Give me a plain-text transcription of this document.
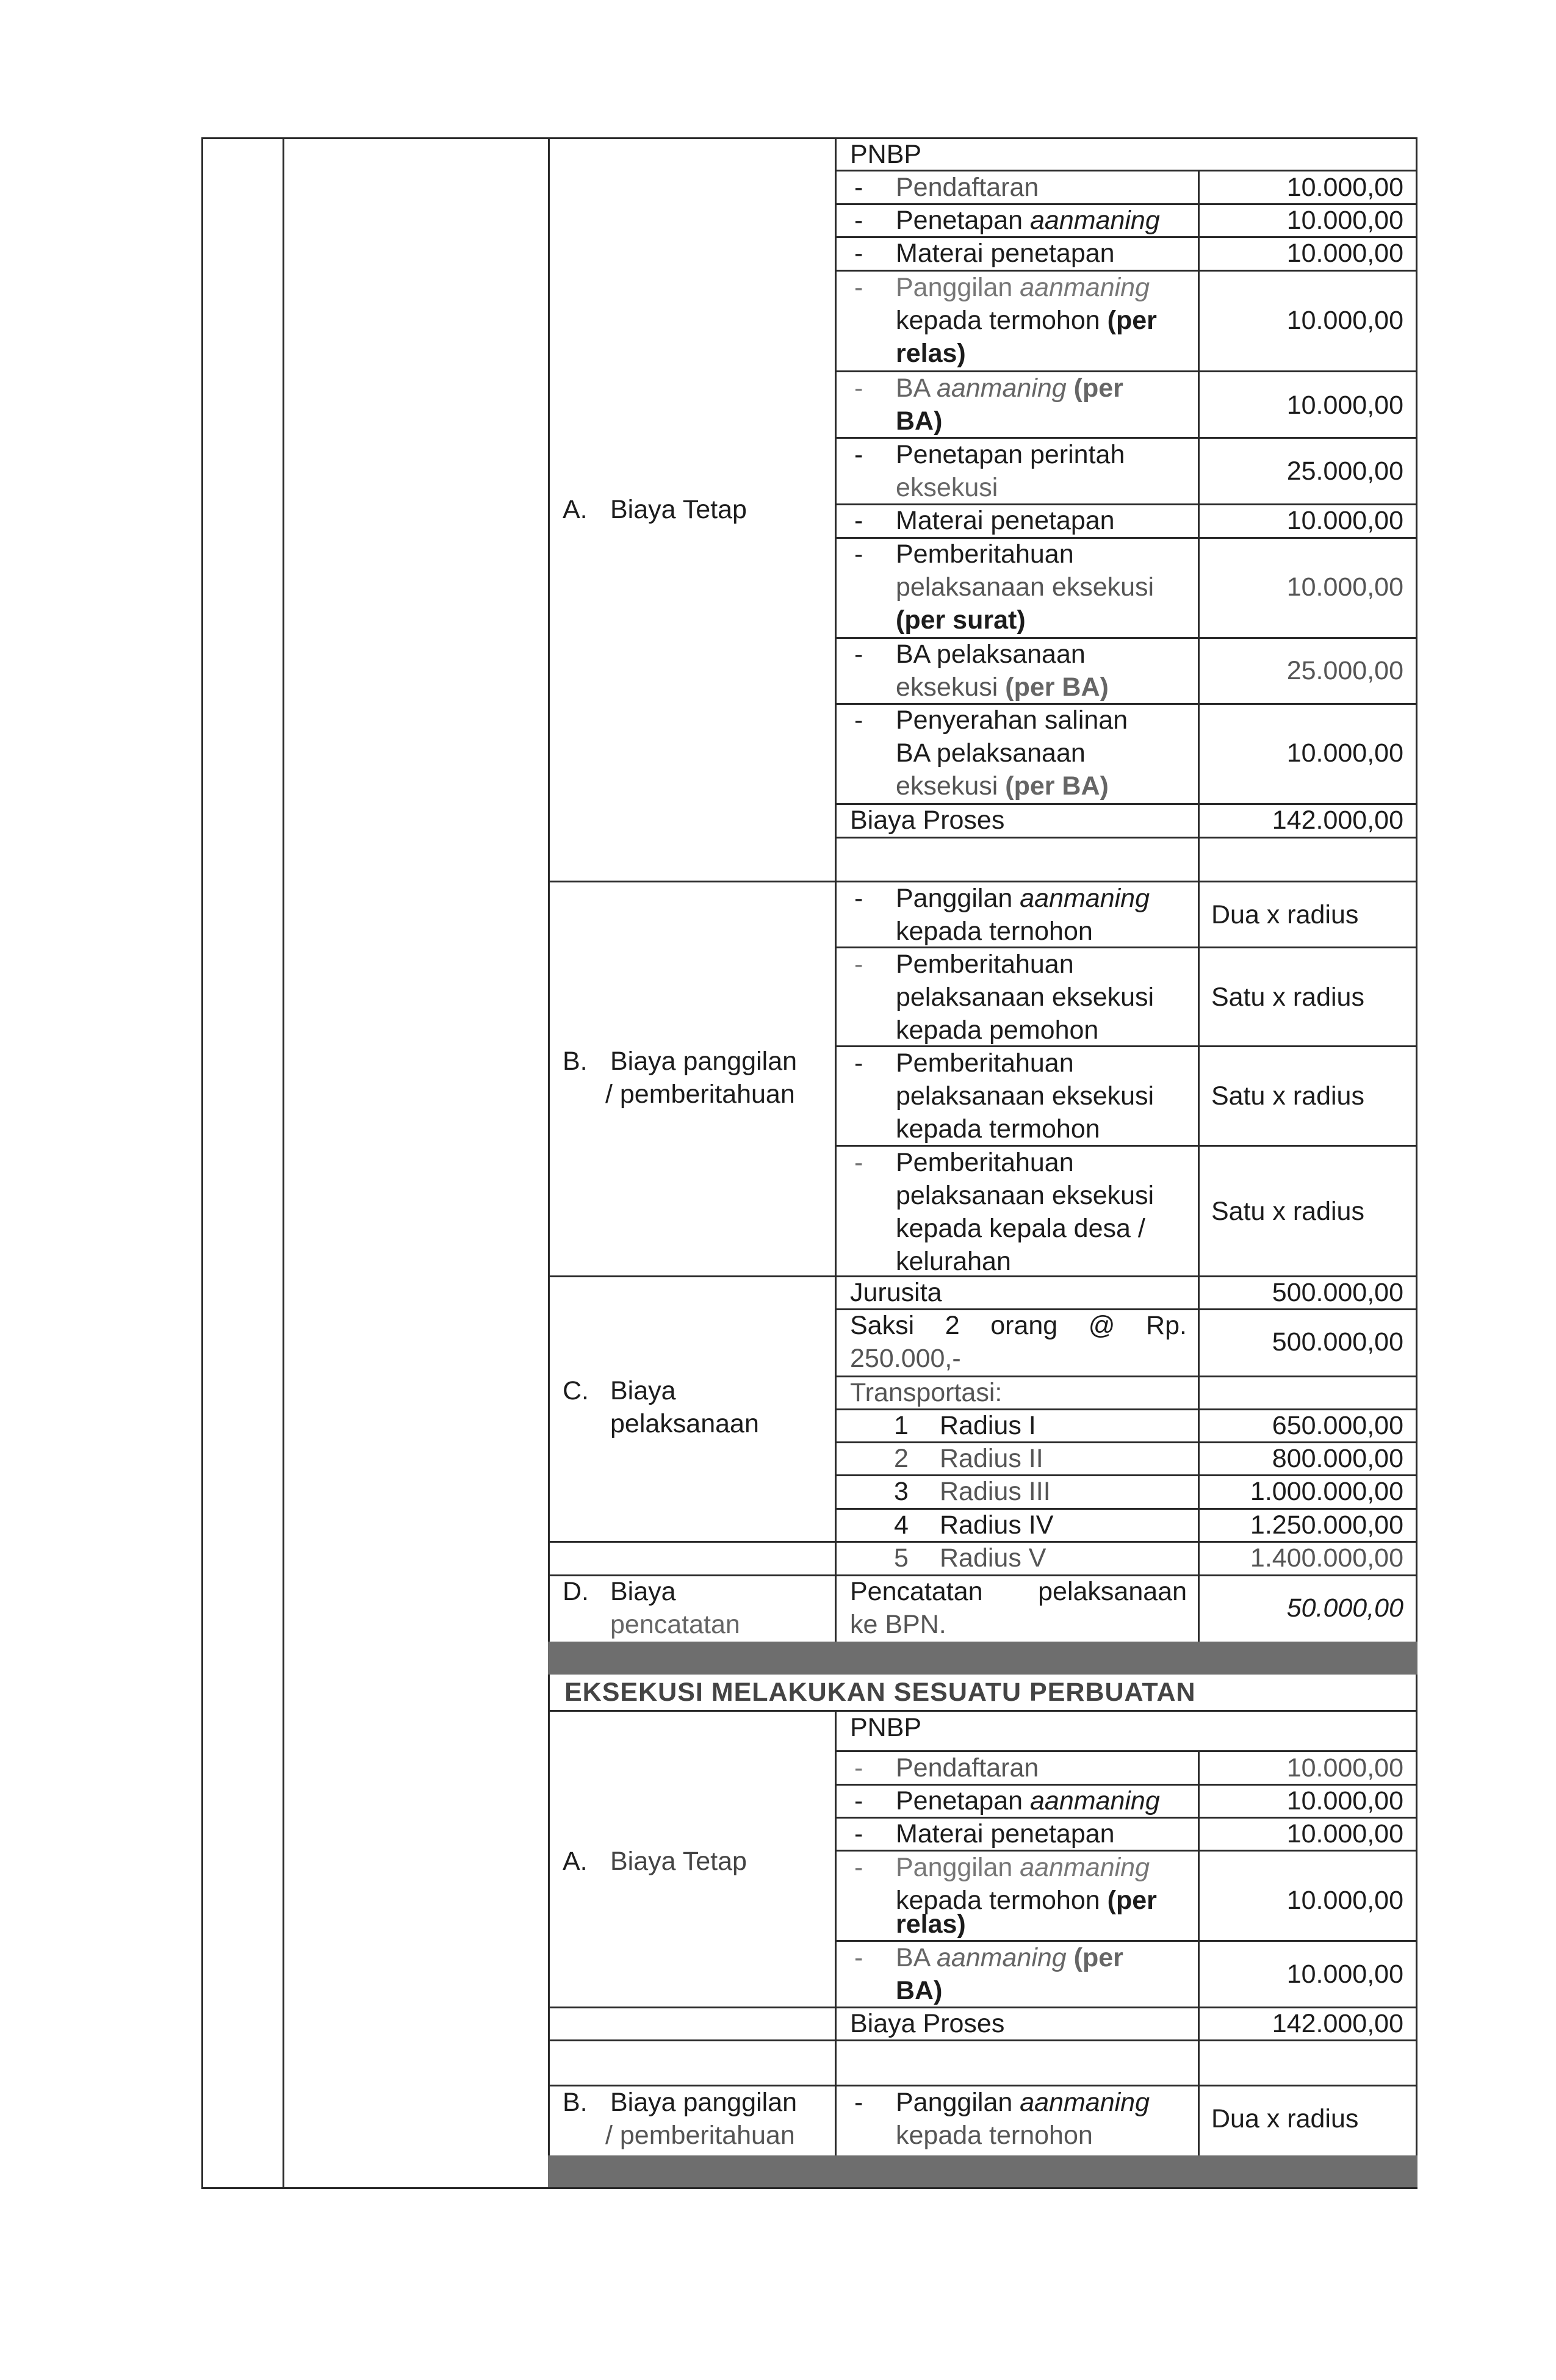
A. Biaya Tetap
PNBP
- Pendaftaran	10.000,00
- Penetapan aanmaning	10.000,00
- Materai penetapan	10.000,00
- Panggilan aanmaning
kepada termohon (per
relas)
10.000,00
- BA aanmaning (per
BA)
10.000,00
- Penetapan perintah
eksekusi
25.000,00
- Materai penetapan	10.000,00
- Pemberitahuan
pelaksanaan eksekusi
(per surat)
10.000,00
- BA pelaksanaan
eksekusi (per BA)
25.000,00
- Penyerahan salinan
BA pelaksanaan
eksekusi (per BA)
10.000,00
Biaya Proses	142.000,00
B. Biaya panggilan
/ pemberitahuan
- Panggilan aanmaning
kepada ternohon
Dua x radius
- Pemberitahuan
pelaksanaan eksekusi
kepada pemohon
Satu x radius
- Pemberitahuan
pelaksanaan eksekusi
kepada termohon
Satu x radius
- Pemberitahuan
pelaksanaan eksekusi
kepada kepala desa /
kelurahan
Satu x radius
C. Biaya
pelaksanaan
Jurusita	500.000,00
Saksi 2 orang @ Rp.
250.000,-
500.000,00
Transportasi:
1 Radius I	650.000,00
2 Radius II	800.000,00
3 Radius III	1.000.000,00
4 Radius IV	1.250.000,00
5 Radius V	1.400.000,00
D. Biaya
pencatatan
Pencatatan pelaksanaan
ke BPN.
50.000,00
EKSEKUSI MELAKUKAN SESUATU PERBUATAN
A. Biaya Tetap
PNBP
- Pendaftaran	10.000,00
- Penetapan aanmaning	10.000,00
- Materai penetapan	10.000,00
- Panggilan aanmaning
kepada termohon (per
relas)
10.000,00
- BA aanmaning (per
BA)
10.000,00
Biaya Proses	142.000,00
B. Biaya panggilan
/ pemberitahuan
- Panggilan aanmaning
kepada ternohon
Dua x radius
